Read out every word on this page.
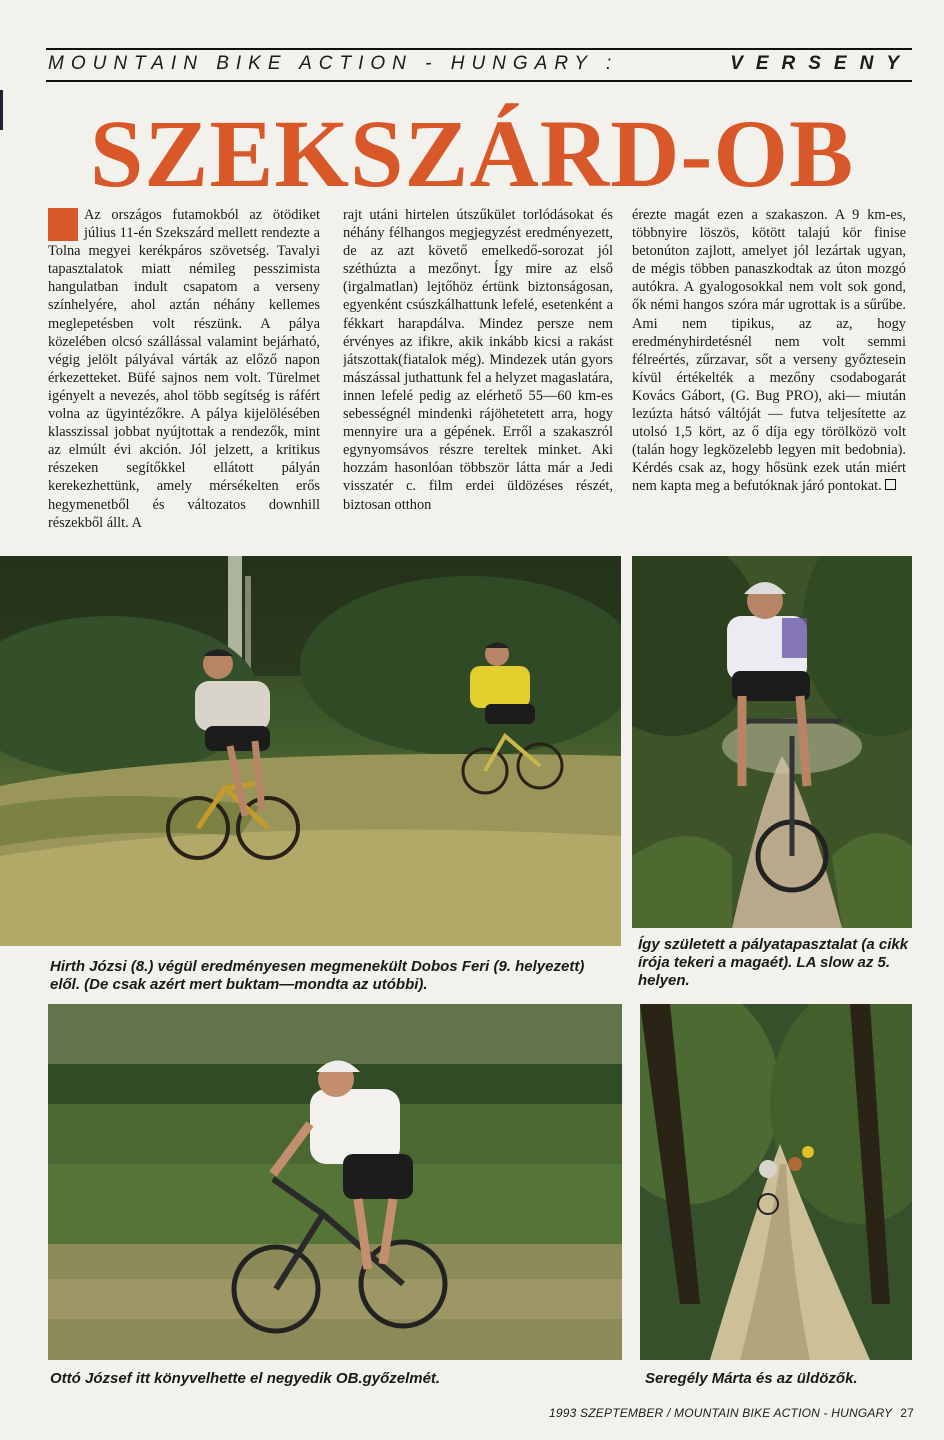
MOUNTAIN BIKE ACTION - HUNGARY :	VERSENY
SZEKSZÁRD-OB
Az országos futamokból az ötödiket július 11-én Szekszárd mellett rendezte a Tolna megyei kerékpáros szövetség. Tavalyi tapasztalatok miatt némileg pesszimista hangulatban indult csapatom a verseny színhelyére, ahol aztán néhány kellemes meglepetésben volt részünk. A pálya közelében olcsó szállással valamint bejárható, végig jelölt pályával várták az előző napon érkezetteket. Büfé sajnos nem volt. Türelmet igényelt a nevezés, ahol több segítség is ráfért volna az ügyintézőkre. A pálya kijelölésében klasszissal jobbat nyújtottak a rendezők, mint az elmúlt évi akción. Jól jelzett, a kritikus részeken segítőkkel ellátott pályán kerekezhettünk, amely mérsékelten erős hegymenetből és változatos downhill részekből állt. A
rajt utáni hirtelen útszűkület torlódásokat és néhány félhangos megjegyzést eredményezett, de az azt követő emelkedő-sorozat jól széthúzta a mezőnyt. Így mire az első (irgalmatlan) lejtőhöz értünk biztonságosan, egyenként csúszkálhattunk lefelé, esetenként a fékkart harapdálva. Mindez persze nem érvényes az ifikre, akik inkább kicsi a rakást játszottak(fiatalok még). Mindezek után gyors mászással juthattunk fel a helyzet magaslatára, innen lefelé pedig az elérhető 55—60 km-es sebességnél mindenki rájöhetetett arra, hogy mennyire ura a gépének. Erről a szakaszról egynyomsávos részre tereltek minket. Aki hozzám hasonlóan többször látta már a Jedi visszatér c. film erdei üldözéses részét, biztosan otthon
érezte magát ezen a szakaszon. A 9 km-es, többnyire löszös, kötött talajú kör finise betonúton zajlott, amelyet jól lezártak ugyan, de mégis többen panaszkodtak az úton mozgó autókra. A gyalogosokkal nem volt sok gond, ők némi hangos szóra már ugrottak is a sűrűbe. Ami nem tipikus, az az, hogy eredményhirdetésnél nem volt semmi félreértés, zűrzavar, sőt a verseny győztesein kívül értékelték a mezőny csodabogarát Kovács Gábort, (G. Bug PRO), aki— miután lezúzta hátsó váltóját — futva teljesítette az utolsó 1,5 kört, az ő díja egy törölközö volt (talán hogy legközelebb legyen mit bedobnia). Kérdés csak az, hogy hősünk ezek után miért nem kapta meg a befutóknak járó pontokat.
Hirth Józsi (8.) végül eredményesen megmenekült Dobos Feri (9. helyezett) elől. (De csak azért mert buktam—mondta az utóbbi).
Így született a pályatapasztalat (a cikk írója tekeri a magaét). LA slow az 5. helyen.
Ottó József itt könyvelhette el negyedik OB.győzelmét.	Seregély Márta és az üldözők.
1993 SZEPTEMBER / MOUNTAIN BIKE ACTION - HUNGARY 27
